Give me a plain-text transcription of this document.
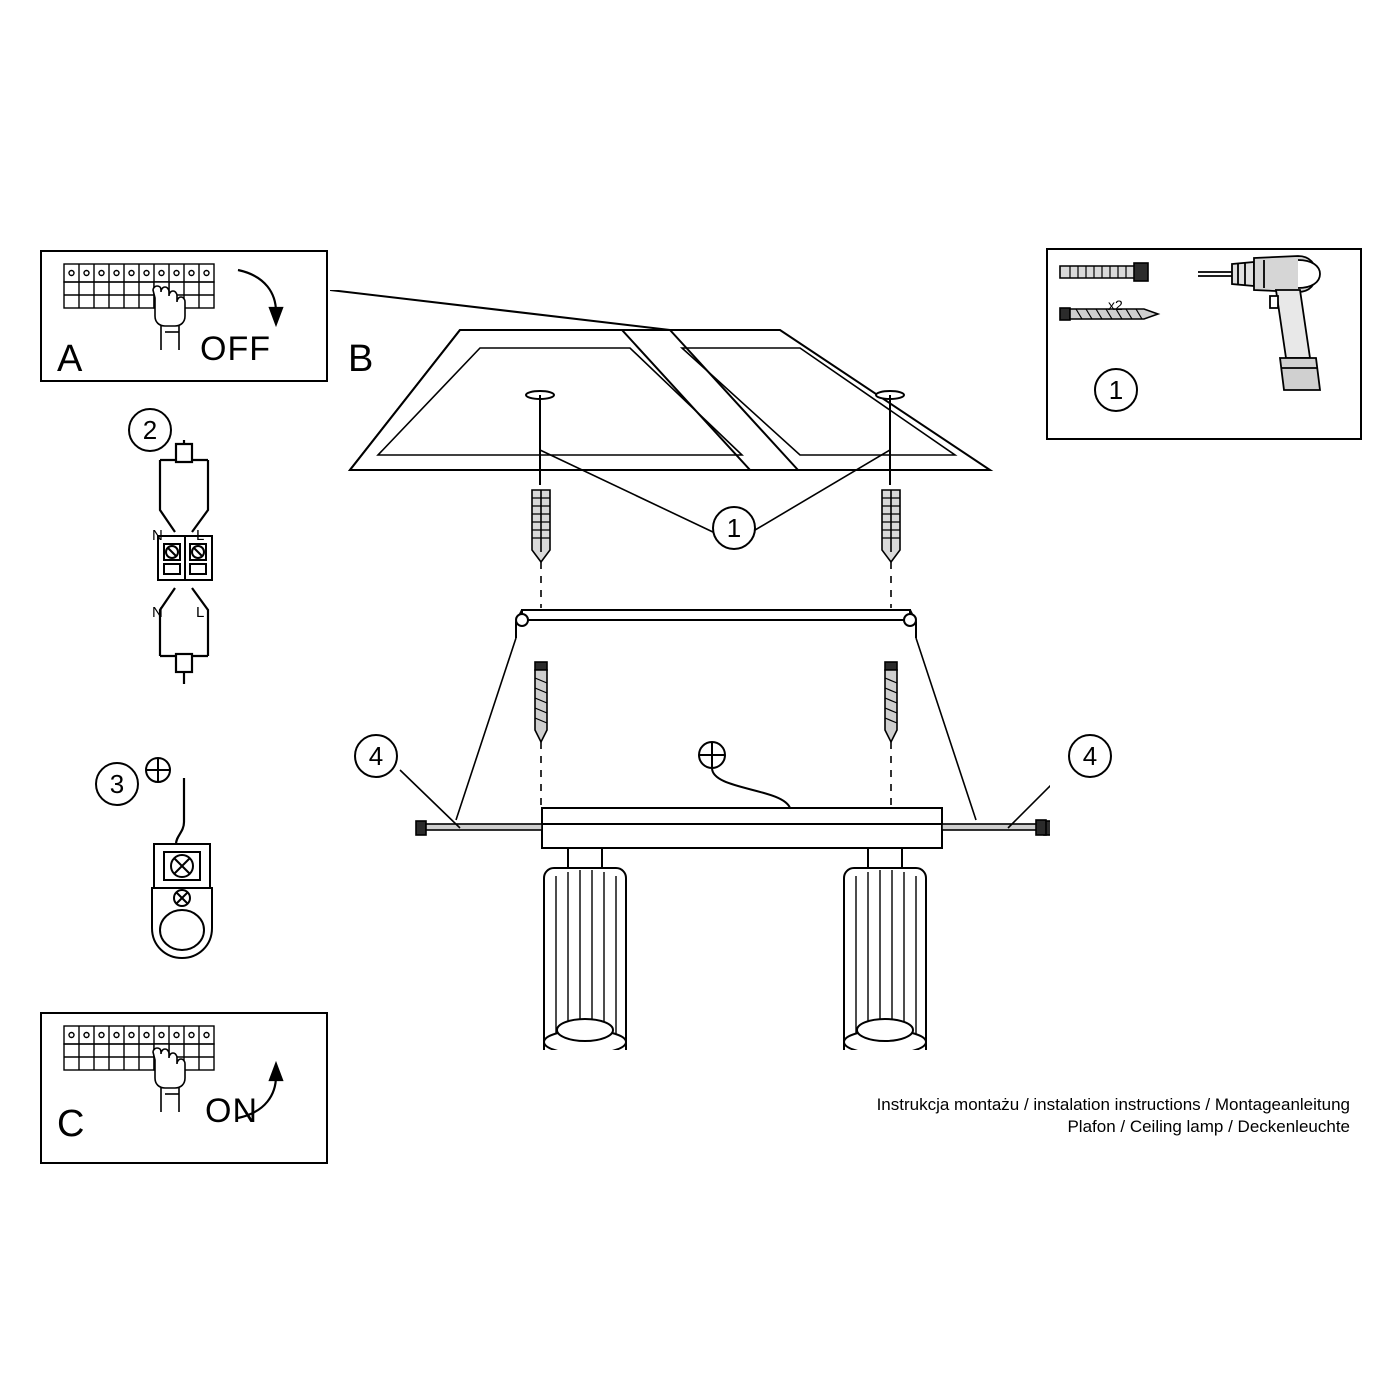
A	OFF
2
N L
N L
3
C	ON
x2
1
B
1
4	4
Instrukcja montażu / instalation instructions / Montageanleitung
Plafon / Ceiling lamp / Deckenleuchte
